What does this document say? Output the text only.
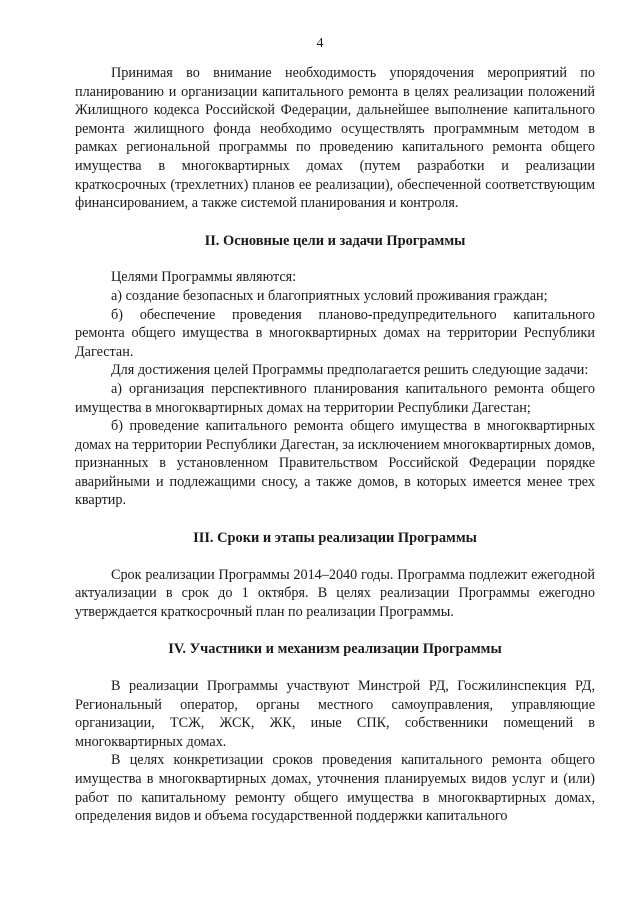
4

Принимая во внимание необходимость упорядочения мероприятий по планированию и организации капитального ремонта в целях реализации положений Жилищного кодекса Российской Федерации, дальнейшее выполнение капитального ремонта жилищного фонда необходимо осуществлять программным методом в рамках региональной программы по проведению капитального ремонта общего имущества в многоквартирных домах (путем разработки и реализации краткосрочных (трехлетних) планов ее реализации), обеспеченной соответствующим финансированием, а также системой планирования и контроля.

II. Основные цели и задачи Программы

Целями Программы являются:

а) создание безопасных и благоприятных условий проживания граждан;

б) обеспечение проведения планово-предупредительного капитального ремонта общего имущества в многоквартирных домах на территории Республики Дагестан.

Для достижения целей Программы предполагается решить следующие задачи:

а) организация перспективного планирования капитального ремонта общего имущества в многоквартирных домах на территории Республики Дагестан;

б) проведение капитального ремонта общего имущества в многоквартирных домах на территории Республики Дагестан, за исключением многоквартирных домов, признанных в установленном Правительством Российской Федерации порядке аварийными и подлежащими сносу, а также домов, в которых имеется менее трех квартир.

III. Сроки и этапы реализации Программы

Срок реализации Программы 2014–2040 годы. Программа подлежит ежегодной актуализации в срок до 1 октября. В целях реализации Программы ежегодно утверждается краткосрочный план по реализации Программы.

IV. Участники и механизм реализации Программы

В реализации Программы участвуют Минстрой РД, Госжилинспекция РД, Региональный оператор, органы местного самоуправления, управляющие организации, ТСЖ, ЖСК, ЖК, иные СПК, собственники помещений в многоквартирных домах.

В целях конкретизации сроков проведения капитального ремонта общего имущества в многоквартирных домах, уточнения планируемых видов услуг и (или) работ по капитальному ремонту общего имущества в многоквартирных домах, определения видов и объема государственной поддержки капитального
